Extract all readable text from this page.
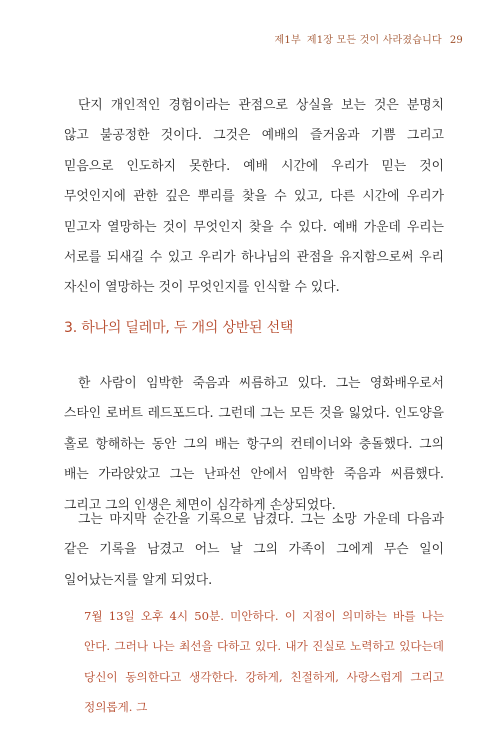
제1부 제1장 모든 것이 사라졌습니다 29

단지 개인적인 경험이라는 관점으로 상실을 보는 것은 분명치 않고 불공정한 것이다. 그것은 예배의 즐거움과 기쁨 그리고 믿음으로 인도하지 못한다. 예배 시간에 우리가 믿는 것이 무엇인지에 관한 깊은 뿌리를 찾을 수 있고, 다른 시간에 우리가 믿고자 열망하는 것이 무엇인지 찾을 수 있다. 예배 가운데 우리는 서로를 되새길 수 있고 우리가 하나님의 관점을 유지함으로써 우리 자신이 열망하는 것이 무엇인지를 인식할 수 있다.

3. 하나의 딜레마, 두 개의 상반된 선택

한 사람이 임박한 죽음과 씨름하고 있다. 그는 영화배우로서 스타인 로버트 레드포드다. 그런데 그는 모든 것을 잃었다. 인도양을 홀로 항해하는 동안 그의 배는 항구의 컨테이너와 충돌했다. 그의 배는 가라앉았고 그는 난파선 안에서 임박한 죽음과 씨름했다. 그리고 그의 인생은 체면이 심각하게 손상되었다.

그는 마지막 순간을 기록으로 남겼다. 그는 소망 가운데 다음과 같은 기록을 남겼고 어느 날 그의 가족이 그에게 무슨 일이 일어났는지를 알게 되었다.

7월 13일 오후 4시 50분. 미안하다. 이 지점이 의미하는 바를 나는 안다. 그러나 나는 최선을 다하고 있다. 내가 진실로 노력하고 있다는데 당신이 동의한다고 생각한다. 강하게, 친절하게, 사랑스럽게 그리고 정의롭게. 그
